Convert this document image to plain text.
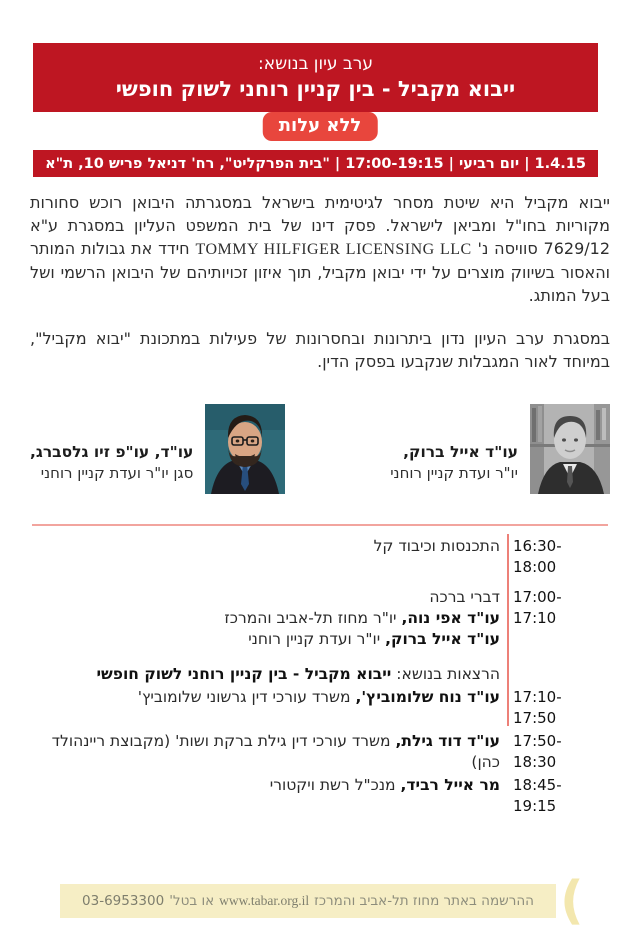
ערב עיון בנושא:
ייבוא מקביל - בין קניין רוחני לשוק חופשי
ללא עלות
1.4.15 | יום רביעי | 17:00-19:15 | "בית הפרקליט", רח' דניאל פריש 10, ת"א

ייבוא מקביל היא שיטת מסחר לגיטימית בישראל במסגרתה היבואן רוכש סחורות מקוריות בחו"ל ומביאן לישראל. פסק דינו של בית המשפט העליון במסגרת ע"א 7629/12 סוויסה נ' TOMMY HILFIGER LICENSING LLC חידד את גבולות המותר והאסור בשיווק מוצרים על ידי יבואן מקביל, תוך איזון זכויותיהם של היבואן הרשמי ושל בעל המותג.

במסגרת ערב העיון נדון ביתרונות ובחסרונות של פעילות במתכונת "יבוא מקביל", במיוחד לאור המגבלות שנקבעו בפסק הדין.

עו"ד אייל ברוק,
יו"ר ועדת קניין רוחני
עו"ד, עו"פ זיו גלסברג,
סגן יו"ר ועדת קניין רוחני
16:30-18:00
התכנסות וכיבוד קל
17:00-17:10
דברי ברכה
עו"ד אפי נוה, יו"ר מחוז תל-אביב והמרכז
עו"ד אייל ברוק, יו"ר ועדת קניין רוחני
הרצאות בנושא: ייבוא מקביל - בין קניין רוחני לשוק חופשי
17:10-17:50
עו"ד נוח שלומוביץ', משרד עורכי דין גרשוני שלומוביץ'
17:50-18:30
עו"ד דוד גילת, משרד עורכי דין גילת ברקת ושות' (מקבוצת ריינהולד כהן)
18:45-19:15
מר אייל רביד, מנכ"ל רשת ויקטורי
ההרשמה באתר מחוז תל-אביב והמרכז
www.tabar.org.il
או בטל'
03-6953300	(
